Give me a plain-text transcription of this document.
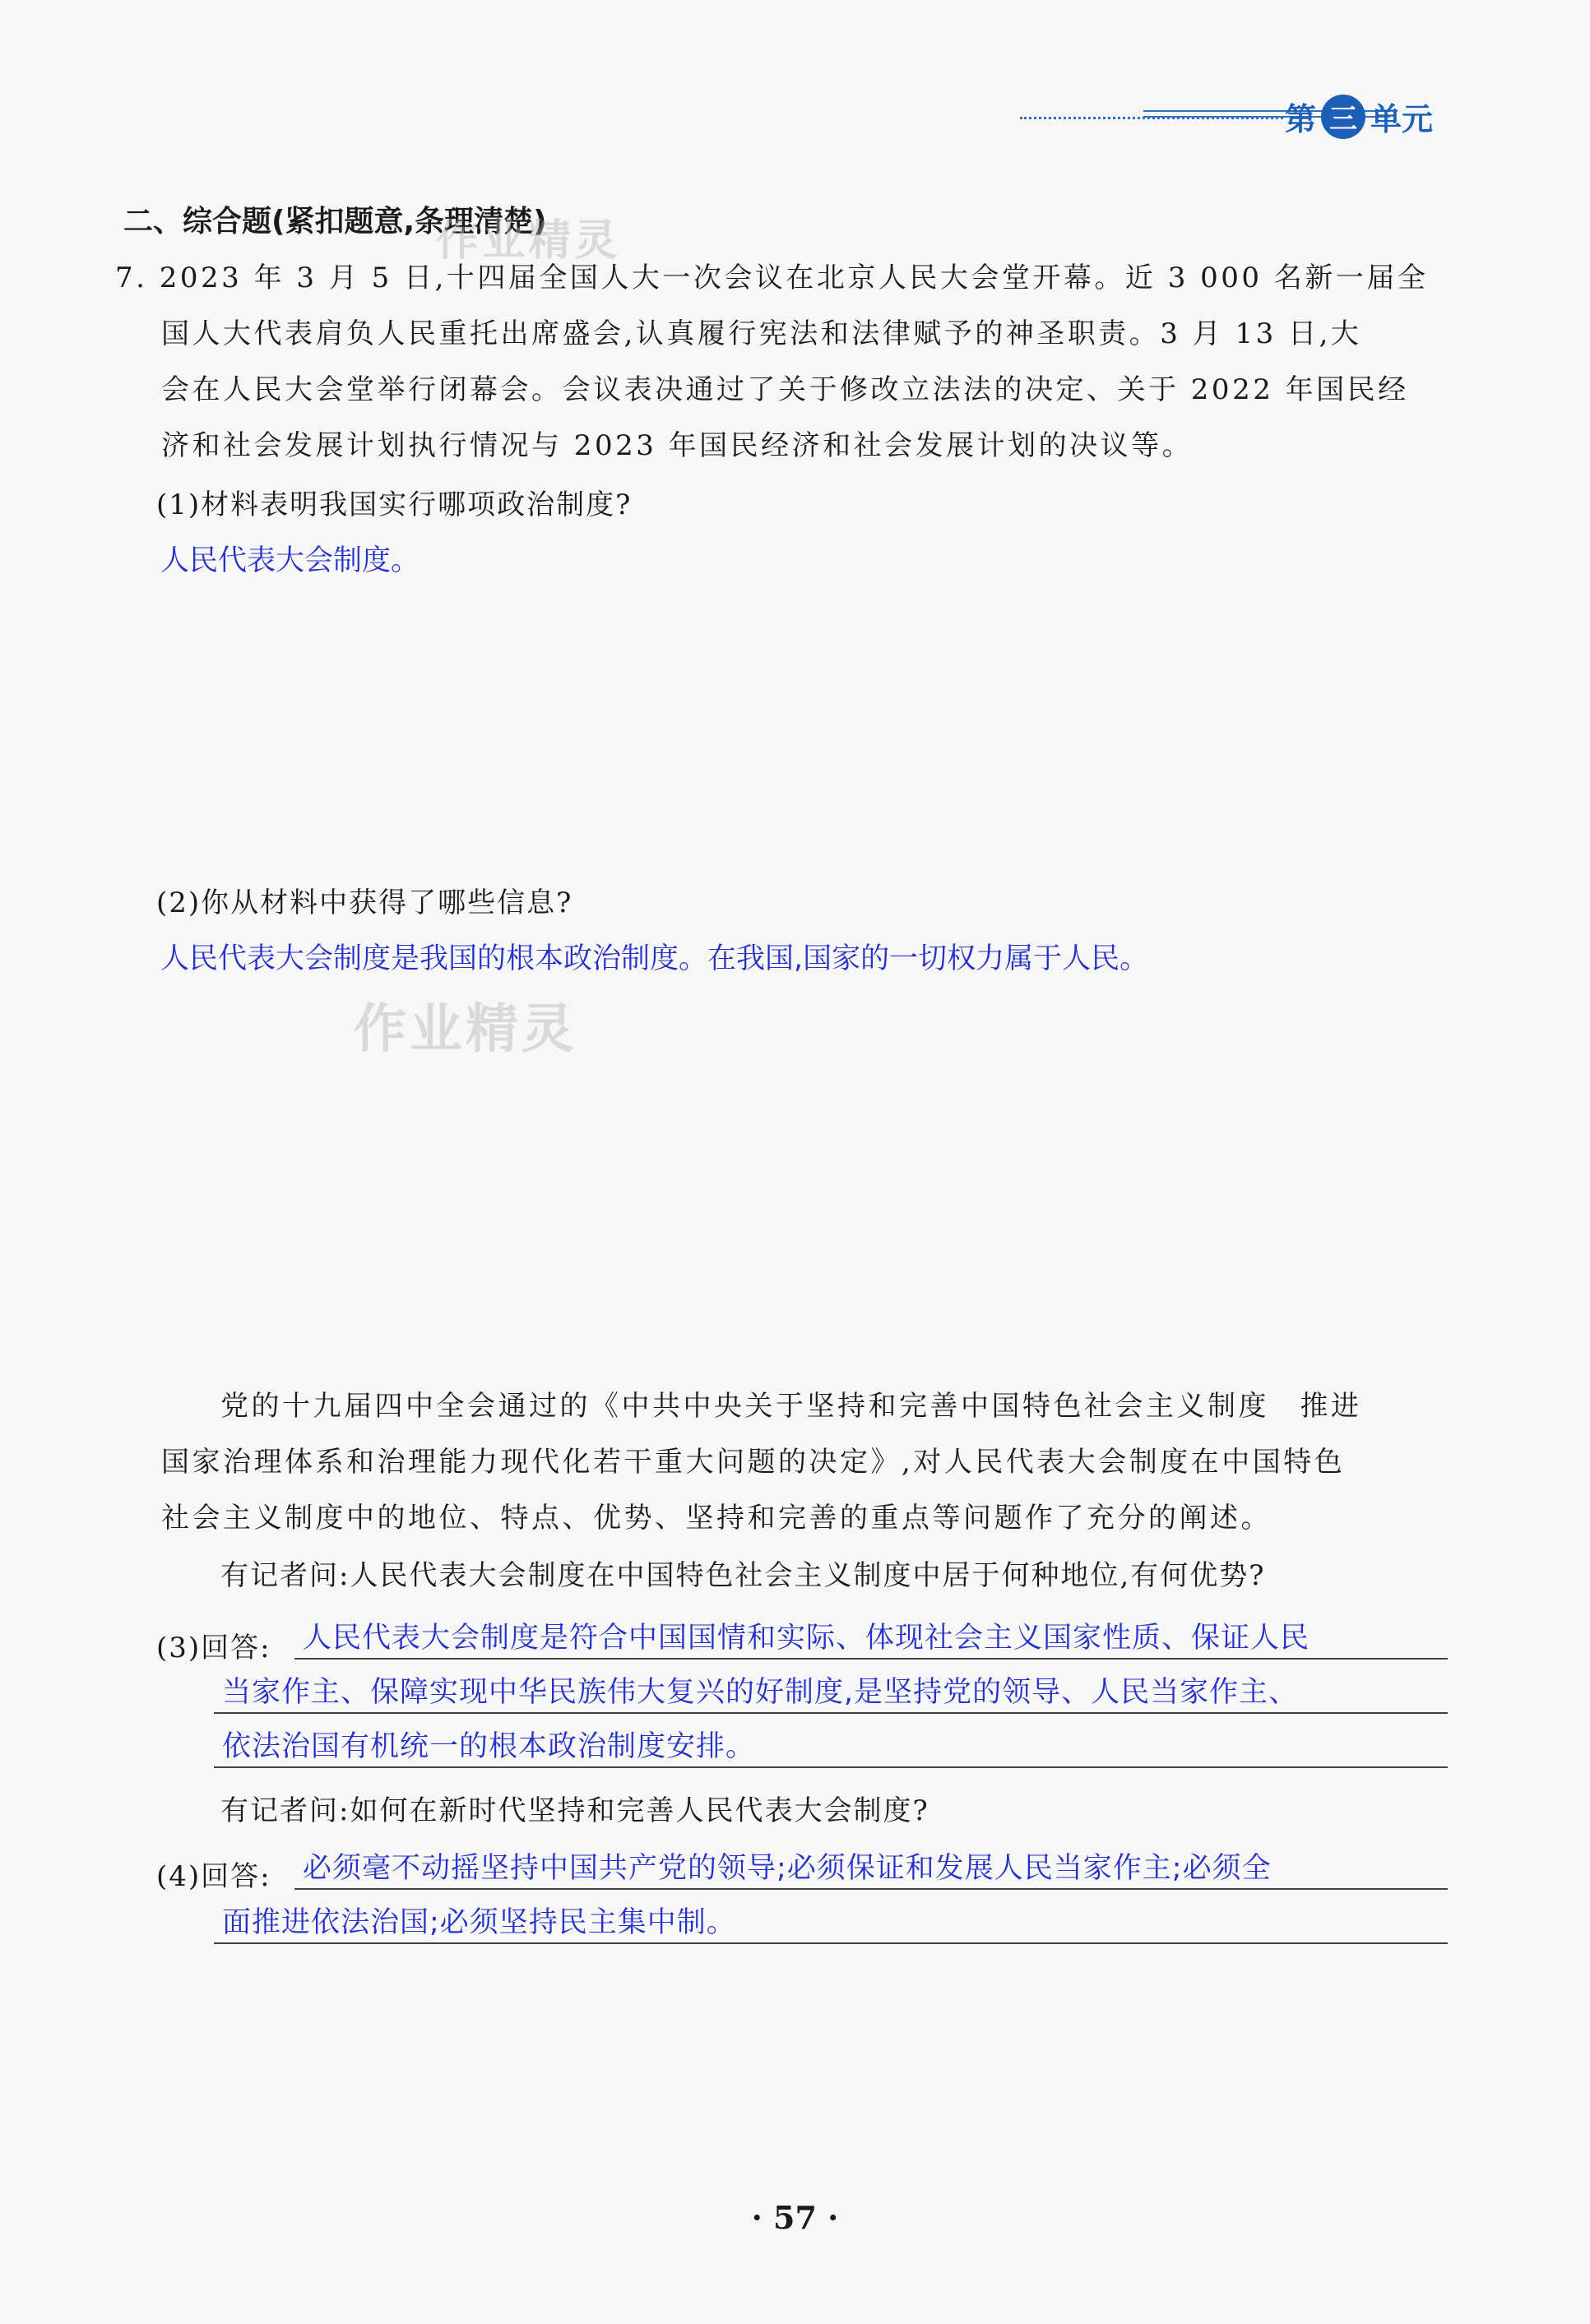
第 三 单元
二、综合题(紧扣题意,条理清楚)
作业精灵
作业精灵
7. 2023 年 3 月 5 日,十四届全国人大一次会议在北京人民大会堂开幕。近 3 000 名新一届全
国人大代表肩负人民重托出席盛会,认真履行宪法和法律赋予的神圣职责。3 月 13 日,大
会在人民大会堂举行闭幕会。会议表决通过了关于修改立法法的决定、关于 2022 年国民经
济和社会发展计划执行情况与 2023 年国民经济和社会发展计划的决议等。
(1)材料表明我国实行哪项政治制度?
人民代表大会制度。
(2)你从材料中获得了哪些信息?
人民代表大会制度是我国的根本政治制度。在我国,国家的一切权力属于人民。
党的十九届四中全会通过的《中共中央关于坚持和完善中国特色社会主义制度　推进
国家治理体系和治理能力现代化若干重大问题的决定》,对人民代表大会制度在中国特色
社会主义制度中的地位、特点、优势、坚持和完善的重点等问题作了充分的阐述。
有记者问:人民代表大会制度在中国特色社会主义制度中居于何种地位,有何优势?
(3)回答: 人民代表大会制度是符合中国国情和实际、体现社会主义国家性质、保证人民
当家作主、保障实现中华民族伟大复兴的好制度,是坚持党的领导、人民当家作主、
依法治国有机统一的根本政治制度安排。
有记者问:如何在新时代坚持和完善人民代表大会制度?
(4)回答: 必须毫不动摇坚持中国共产党的领导;必须保证和发展人民当家作主;必须全
面推进依法治国;必须坚持民主集中制。
· 57 ·
